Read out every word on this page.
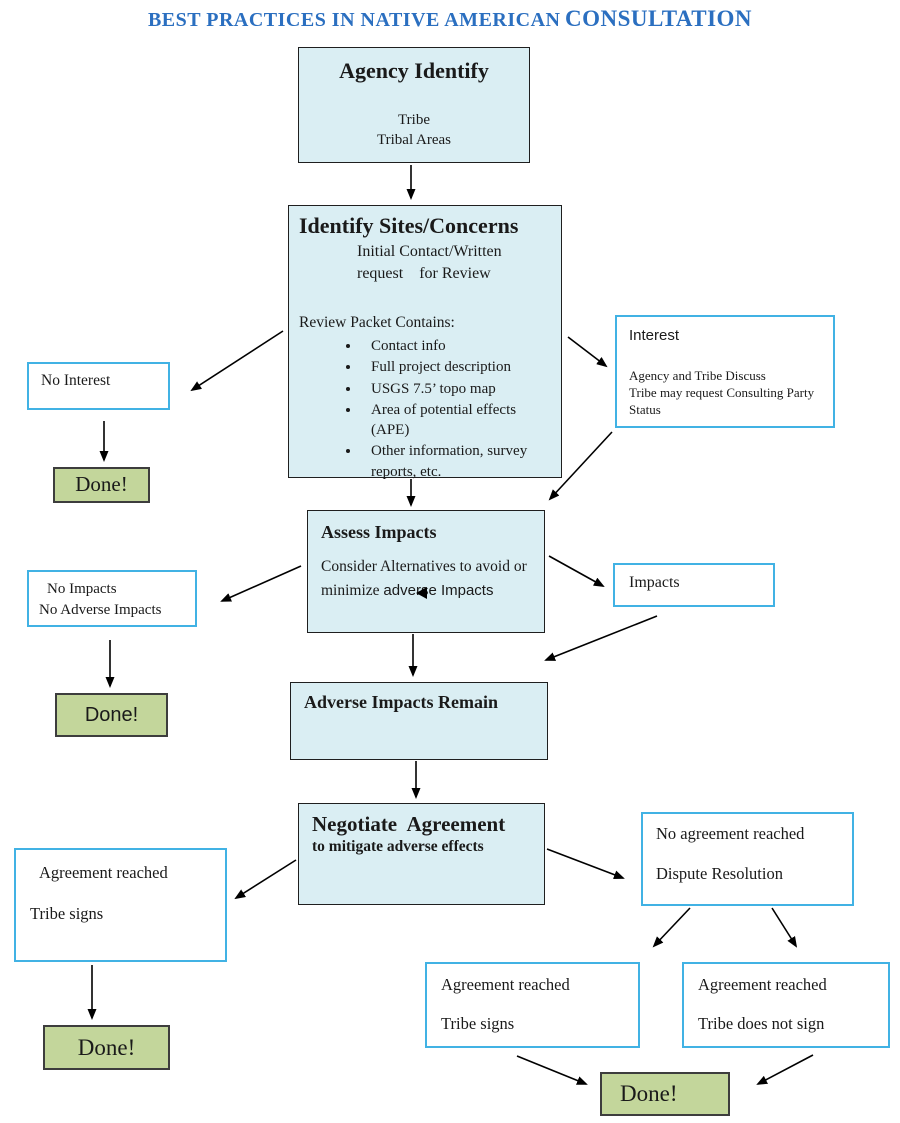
BEST PRACTICES IN NATIVE AMERICAN CONSULTATION
Agency Identify
Tribe
Tribal Areas
Identify Sites/Concerns
Initial Contact/Written
request    for Review
Review Packet Contains:
• Contact info
• Full project description
• USGS 7.5’ topo map
• Area of potential effects (APE)
• Other information, survey reports, etc.
No Interest
Done!
Interest
Agency and Tribe Discuss
Tribe may request Consulting Party Status
Assess Impacts
Consider Alternatives to avoid or minimize adverse Impacts
No Impacts
No Adverse Impacts
Done!
Impacts
Adverse Impacts Remain
Negotiate  Agreement
to mitigate adverse effects
Agreement reached
Tribe signs
Done!
No agreement reached
Dispute Resolution
Agreement reached
Tribe signs
Agreement reached
Tribe does not sign
Done!
